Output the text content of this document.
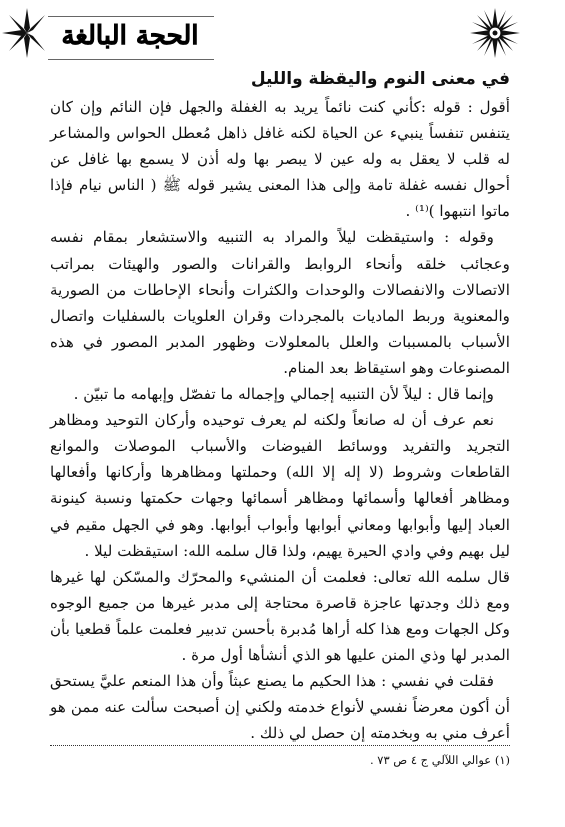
الحجة البالغة
في معنى النوم واليقظة والليل

أقول : قوله :كأني كنت نائماً يريد به الغفلة والجهل فإن النائم وإن كان يتنفس تنفساً ينبيء عن الحياة لكنه غافل ذاهل مُعطل الحواس والمشاعر له قلب لا يعقل به وله عين لا يبصر بها وله أذن لا يسمع بها غافل عن أحوال نفسه غفلة تامة وإلى هذا المعنى يشير قوله ﷺ ( الناس نيام فإذا ماتوا انتبهوا )⁽¹⁾ .

وقوله : واستيقظت ليلاً والمراد به التنبيه والاستشعار بمقام نفسه وعجائب خلقه وأنحاء الروابط والقرانات والصور والهيئات بمراتب الاتصالات والانفصالات والوحدات والكثرات وأنحاء الإحاطات من الصورية والمعنوية وربط الماديات بالمجردات وقران العلويات بالسفليات واتصال الأسباب بالمسببات والعلل بالمعلولات وظهور المدبر المصور في هذه المصنوعات وهو استيقاظ بعد المنام.

وإنما قال : ليلاً لأن التنبيه إجمالي وإجماله ما تفصّل وإبهامه ما تبيّن .

نعم عرف أن له صانعاً ولكنه لم يعرف توحيده وأركان التوحيد ومظاهر التجريد والتفريد ووسائط الفيوضات والأسباب الموصلات والموانع القاطعات وشروط (لا إله إلا الله) وحملتها ومظاهرها وأركانها وأفعالها ومظاهر أفعالها وأسمائها ومظاهر أسمائها وجهات حكمتها ونسبة كينونة العباد إليها وأبوابها ومعاني أبوابها وأبواب أبوابها. وهو في الجهل مقيم في ليل بهيم وفي وادي الحيرة يهيم، ولذا قال سلمه الله: استيقظت ليلا .

قال سلمه الله تعالى: فعلمت أن المنشيء والمحرّك والمسّكن لها غيرها ومع ذلك وجدتها عاجزة قاصرة محتاجة إلى مدبر غيرها من جميع الوجوه وكل الجهات ومع هذا كله أراها مُدبرة بأحسن تدبير فعلمت علماً قطعيا بأن المدبر لها وذي المنن عليها هو الذي أنشأها أول مرة .

فقلت في نفسي : هذا الحكيم ما يصنع عبثاً وأن هذا المنعم عليَّ يستحق أن أكون معرضاً نفسي لأنواع خدمته ولكني إن أصبحت سألت عنه ممن هو أعرف مني به وبخدمته إن حصل لي ذلك .

(١) عوالي اللآلي ج ٤ ص ٧٣ .
